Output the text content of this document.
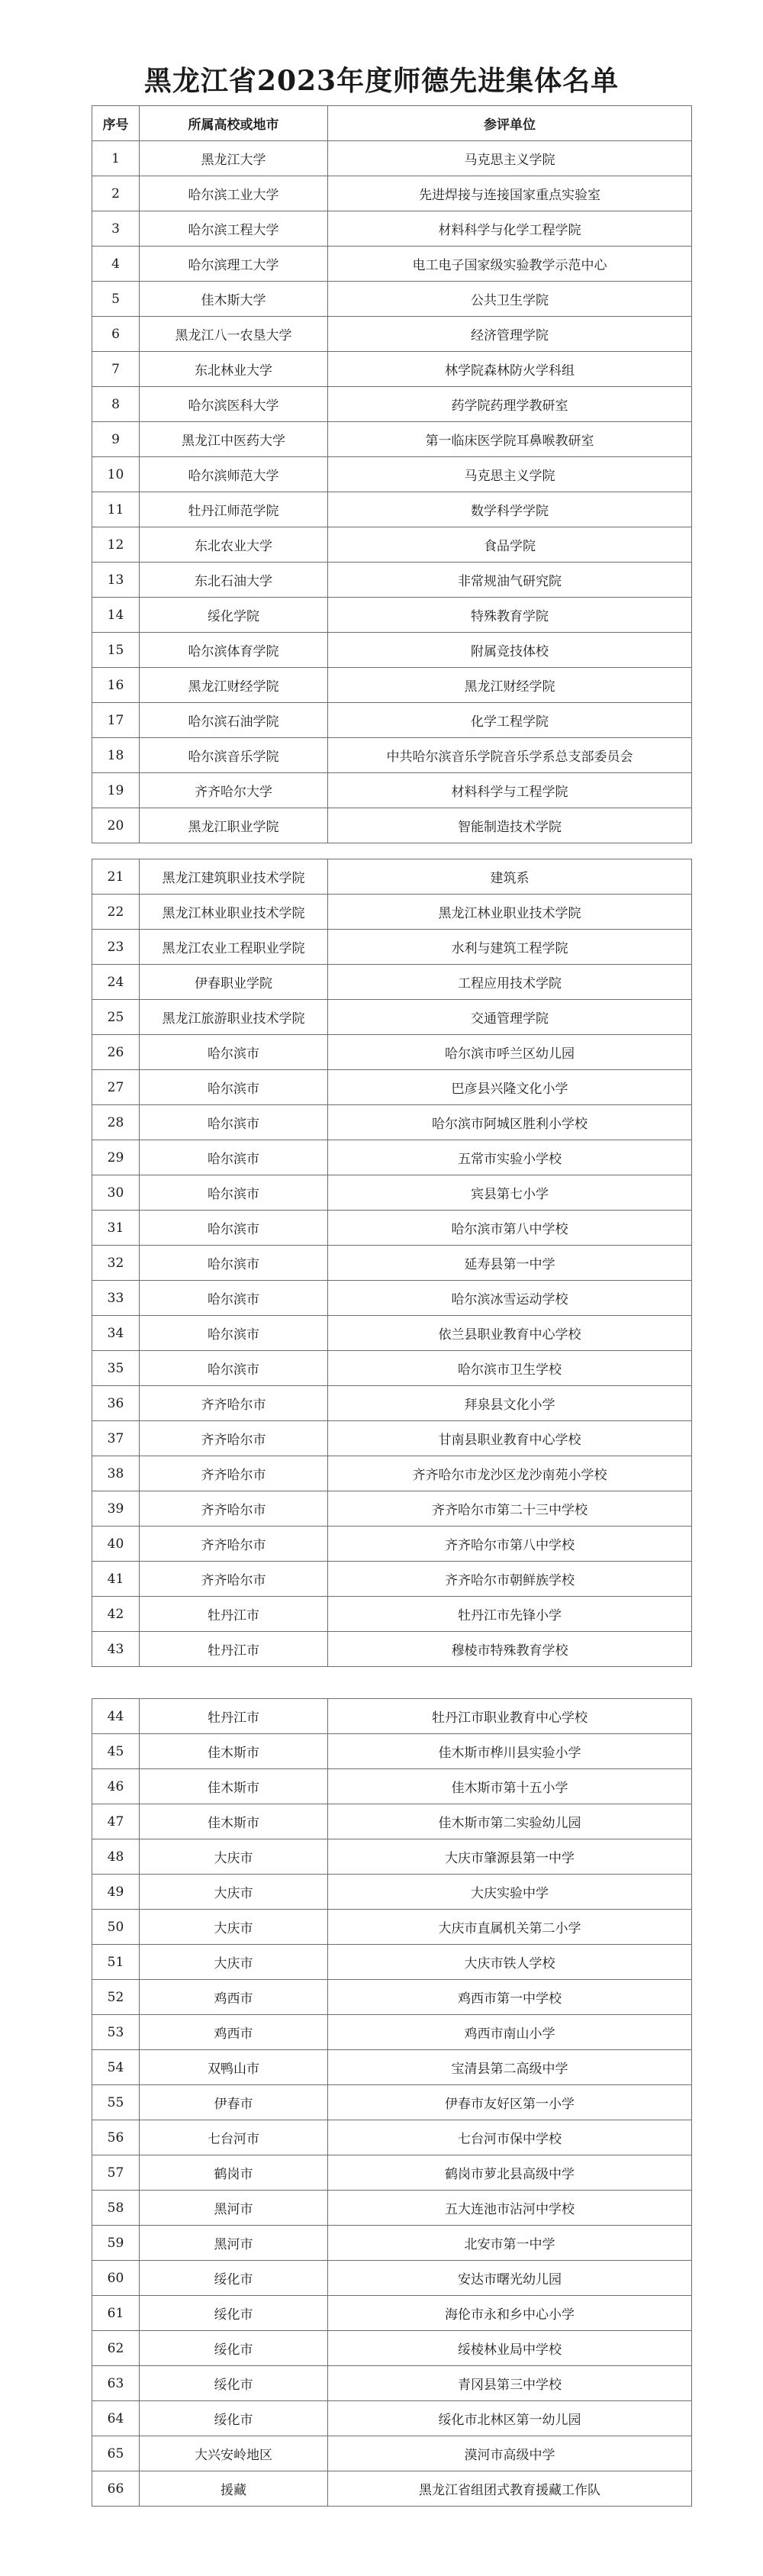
黑龙江省2023年度师德先进集体名单
序号	所属高校或地市	参评单位
1	黑龙江大学	马克思主义学院
2	哈尔滨工业大学	先进焊接与连接国家重点实验室
3	哈尔滨工程大学	材料科学与化学工程学院
4	哈尔滨理工大学	电工电子国家级实验教学示范中心
5	佳木斯大学	公共卫生学院
6	黑龙江八一农垦大学	经济管理学院
7	东北林业大学	林学院森林防火学科组
8	哈尔滨医科大学	药学院药理学教研室
9	黑龙江中医药大学	第一临床医学院耳鼻喉教研室
10	哈尔滨师范大学	马克思主义学院
11	牡丹江师范学院	数学科学学院
12	东北农业大学	食品学院
13	东北石油大学	非常规油气研究院
14	绥化学院	特殊教育学院
15	哈尔滨体育学院	附属竞技体校
16	黑龙江财经学院	黑龙江财经学院
17	哈尔滨石油学院	化学工程学院
18	哈尔滨音乐学院	中共哈尔滨音乐学院音乐学系总支部委员会
19	齐齐哈尔大学	材料科学与工程学院
20	黑龙江职业学院	智能制造技术学院
21	黑龙江建筑职业技术学院	建筑系
22	黑龙江林业职业技术学院	黑龙江林业职业技术学院
23	黑龙江农业工程职业学院	水利与建筑工程学院
24	伊春职业学院	工程应用技术学院
25	黑龙江旅游职业技术学院	交通管理学院
26	哈尔滨市	哈尔滨市呼兰区幼儿园
27	哈尔滨市	巴彦县兴隆文化小学
28	哈尔滨市	哈尔滨市阿城区胜利小学校
29	哈尔滨市	五常市实验小学校
30	哈尔滨市	宾县第七小学
31	哈尔滨市	哈尔滨市第八中学校
32	哈尔滨市	延寿县第一中学
33	哈尔滨市	哈尔滨冰雪运动学校
34	哈尔滨市	依兰县职业教育中心学校
35	哈尔滨市	哈尔滨市卫生学校
36	齐齐哈尔市	拜泉县文化小学
37	齐齐哈尔市	甘南县职业教育中心学校
38	齐齐哈尔市	齐齐哈尔市龙沙区龙沙南苑小学校
39	齐齐哈尔市	齐齐哈尔市第二十三中学校
40	齐齐哈尔市	齐齐哈尔市第八中学校
41	齐齐哈尔市	齐齐哈尔市朝鲜族学校
42	牡丹江市	牡丹江市先锋小学
43	牡丹江市	穆棱市特殊教育学校
44	牡丹江市	牡丹江市职业教育中心学校
45	佳木斯市	佳木斯市桦川县实验小学
46	佳木斯市	佳木斯市第十五小学
47	佳木斯市	佳木斯市第二实验幼儿园
48	大庆市	大庆市肇源县第一中学
49	大庆市	大庆实验中学
50	大庆市	大庆市直属机关第二小学
51	大庆市	大庆市铁人学校
52	鸡西市	鸡西市第一中学校
53	鸡西市	鸡西市南山小学
54	双鸭山市	宝清县第二高级中学
55	伊春市	伊春市友好区第一小学
56	七台河市	七台河市保中学校
57	鹤岗市	鹤岗市萝北县高级中学
58	黑河市	五大连池市沾河中学校
59	黑河市	北安市第一中学
60	绥化市	安达市曙光幼儿园
61	绥化市	海伦市永和乡中心小学
62	绥化市	绥棱林业局中学校
63	绥化市	青冈县第三中学校
64	绥化市	绥化市北林区第一幼儿园
65	大兴安岭地区	漠河市高级中学
66	援藏	黑龙江省组团式教育援藏工作队
